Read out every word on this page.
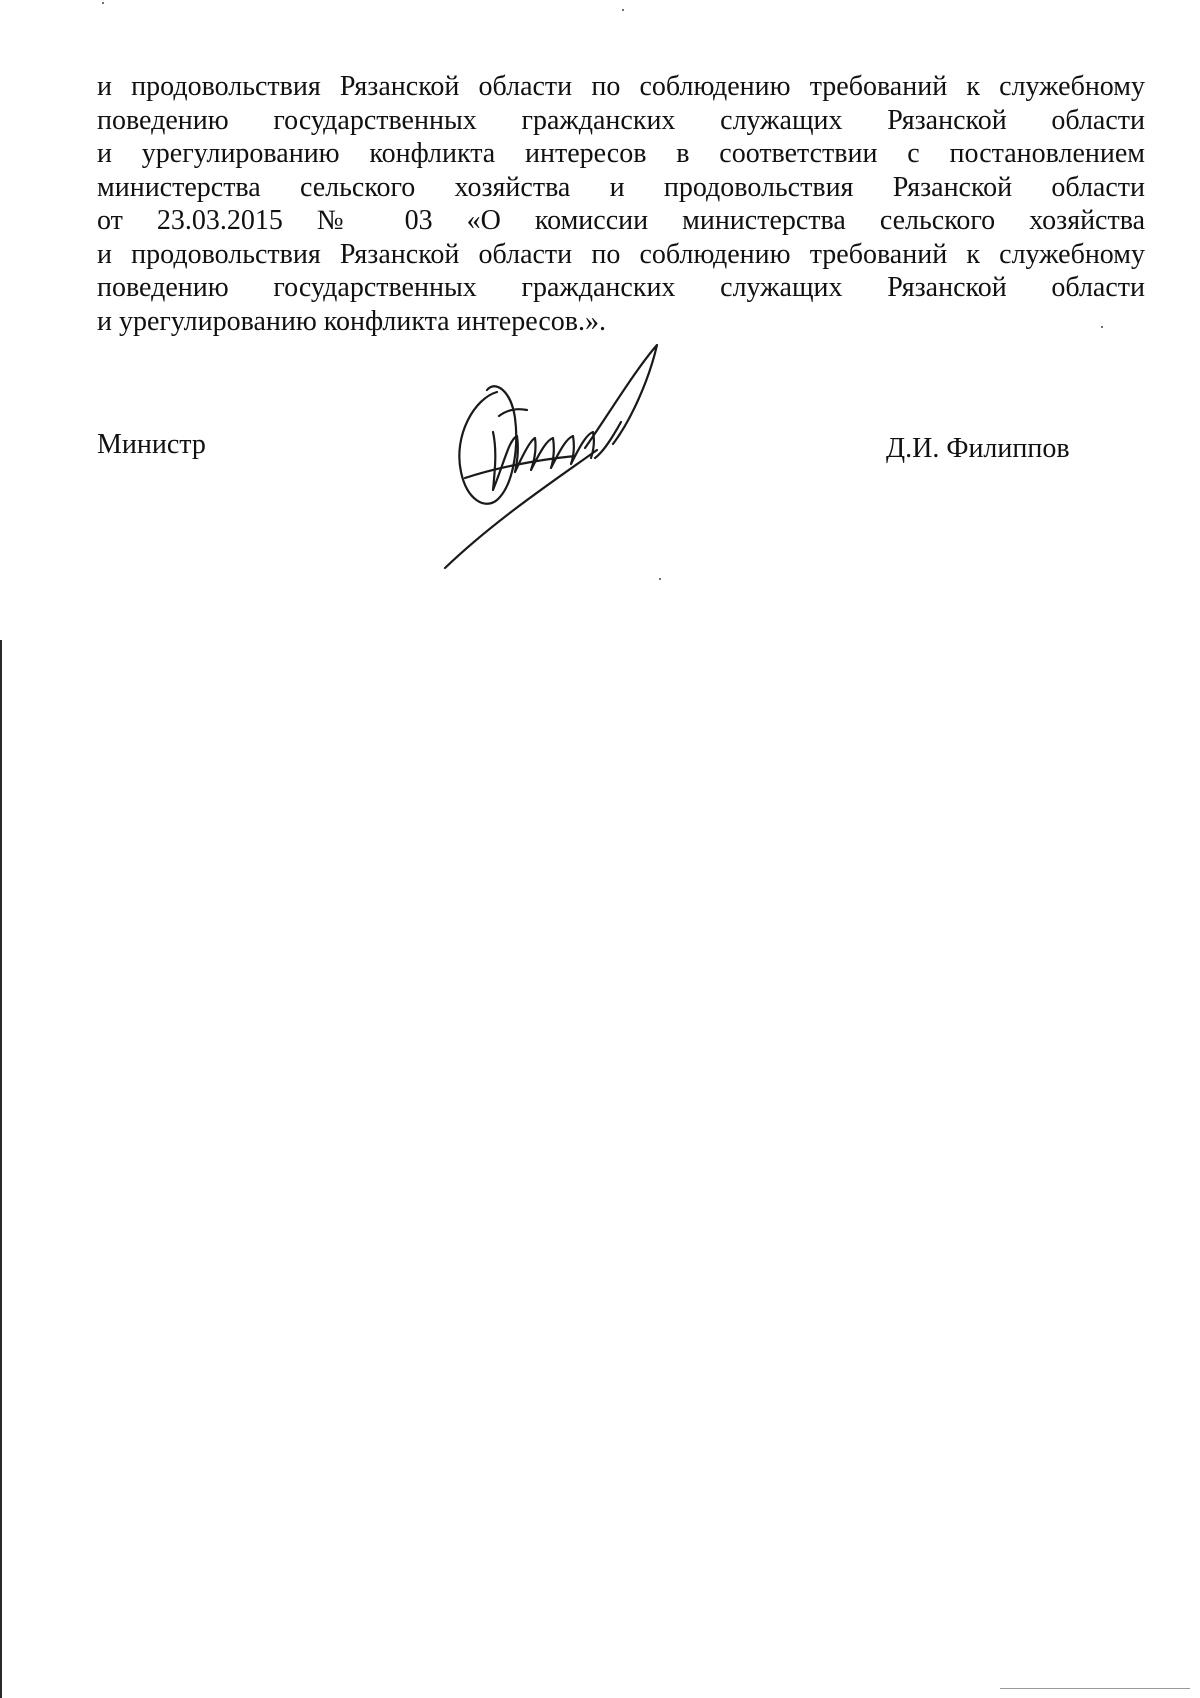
и продовольствия Рязанской области по соблюдению требований к служебному
поведению государственных гражданских служащих Рязанской области
и урегулированию конфликта интересов в соответствии с постановлением
министерства сельского хозяйства и продовольствия Рязанской области
от 23.03.2015 № 03 «О комиссии министерства сельского хозяйства
и продовольствия Рязанской области по соблюдению требований к служебному
поведению государственных гражданских служащих Рязанской области
и урегулированию конфликта интересов.».

Министр	Д.И. Филиппов
